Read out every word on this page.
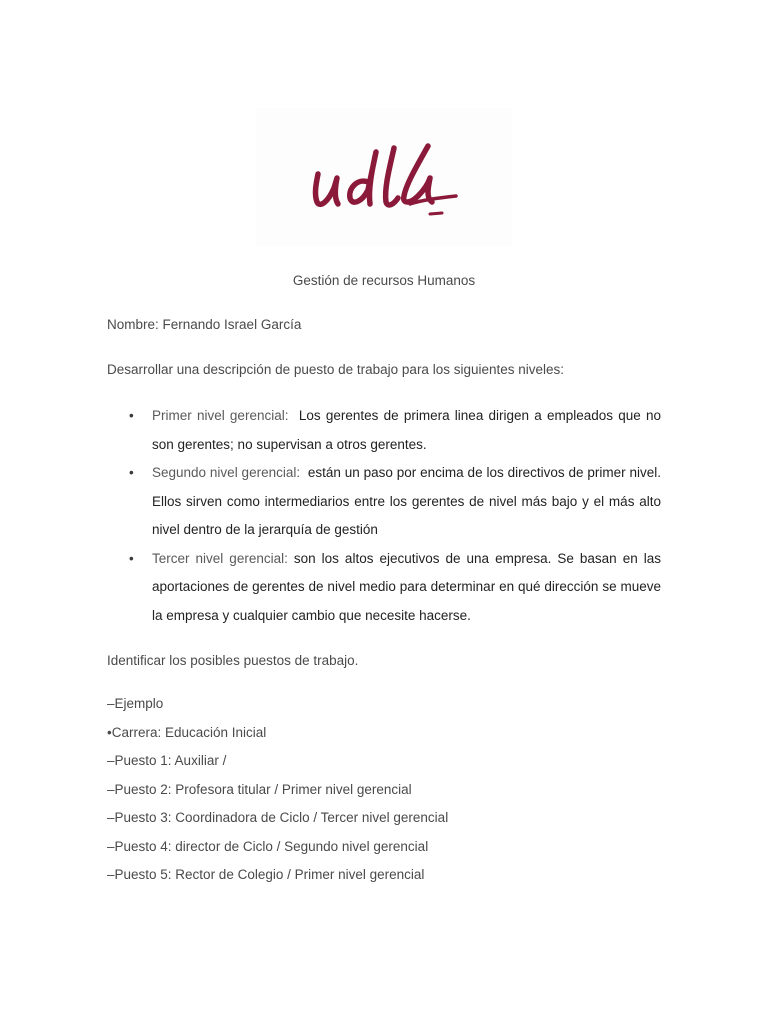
Gestión de recursos Humanos
Nombre: Fernando Israel García
Desarrollar una descripción de puesto de trabajo para los siguientes niveles:
• Primer nivel gerencial: Los gerentes de primera linea dirigen a empleados que no son gerentes; no supervisan a otros gerentes.
• Segundo nivel gerencial: están un paso por encima de los directivos de primer nivel. Ellos sirven como intermediarios entre los gerentes de nivel más bajo y el más alto nivel dentro de la jerarquía de gestión
• Tercer nivel gerencial: son los altos ejecutivos de una empresa. Se basan en las aportaciones de gerentes de nivel medio para determinar en qué dirección se mueve la empresa y cualquier cambio que necesite hacerse.
Identificar los posibles puestos de trabajo.
–Ejemplo
•Carrera: Educación Inicial
–Puesto 1: Auxiliar /
–Puesto 2: Profesora titular / Primer nivel gerencial
–Puesto 3: Coordinadora de Ciclo / Tercer nivel gerencial
–Puesto 4: director de Ciclo / Segundo nivel gerencial
–Puesto 5: Rector de Colegio / Primer nivel gerencial
